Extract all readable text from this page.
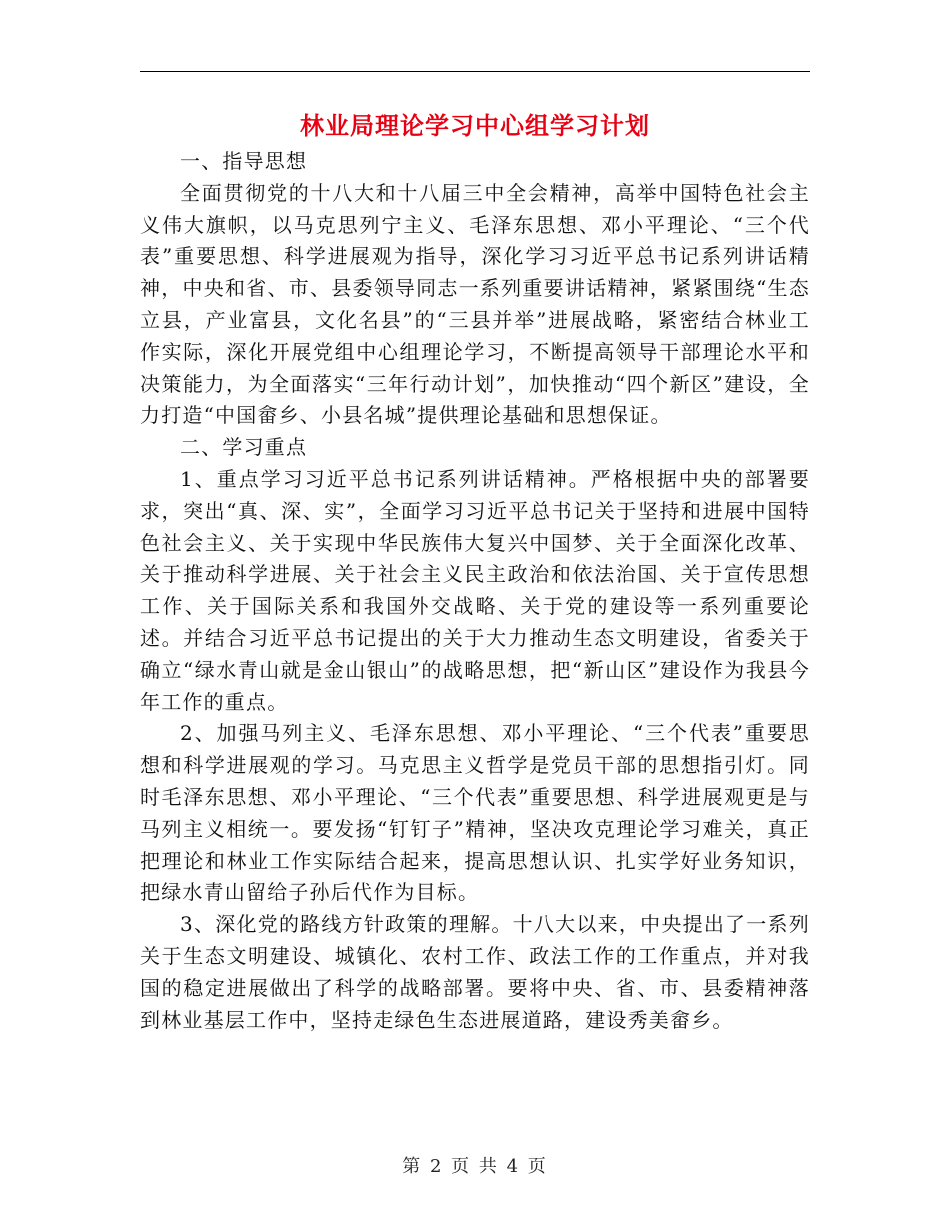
林业局理论学习中心组学习计划
一、指导思想

全面贯彻党的十八大和十八届三中全会精神，高举中国特色社会主义伟大旗帜，以马克思列宁主义、毛泽东思想、邓小平理论、“三个代表”重要思想、科学进展观为指导，深化学习习近平总书记系列讲话精神，中央和省、市、县委领导同志一系列重要讲话精神，紧紧围绕“生态立县，产业富县，文化名县”的“三县并举”进展战略，紧密结合林业工作实际，深化开展党组中心组理论学习，不断提高领导干部理论水平和决策能力，为全面落实“三年行动计划”，加快推动“四个新区”建设，全力打造“中国畲乡、小县名城”提供理论基础和思想保证。

二、学习重点

1、重点学习习近平总书记系列讲话精神。严格根据中央的部署要求，突出“真、深、实”，全面学习习近平总书记关于坚持和进展中国特色社会主义、关于实现中华民族伟大复兴中国梦、关于全面深化改革、关于推动科学进展、关于社会主义民主政治和依法治国、关于宣传思想工作、关于国际关系和我国外交战略、关于党的建设等一系列重要论述。并结合习近平总书记提出的关于大力推动生态文明建设，省委关于确立“绿水青山就是金山银山”的战略思想，把“新山区”建设作为我县今年工作的重点。

2、加强马列主义、毛泽东思想、邓小平理论、“三个代表”重要思想和科学进展观的学习。马克思主义哲学是党员干部的思想指引灯。同时毛泽东思想、邓小平理论、“三个代表”重要思想、科学进展观更是与马列主义相统一。要发扬“钉钉子”精神，坚决攻克理论学习难关，真正把理论和林业工作实际结合起来，提高思想认识、扎实学好业务知识，把绿水青山留给子孙后代作为目标。

3、深化党的路线方针政策的理解。十八大以来，中央提出了一系列关于生态文明建设、城镇化、农村工作、政法工作的工作重点，并对我国的稳定进展做出了科学的战略部署。要将中央、省、市、县委精神落到林业基层工作中，坚持走绿色生态进展道路，建设秀美畲乡。

第 2 页 共 4 页
